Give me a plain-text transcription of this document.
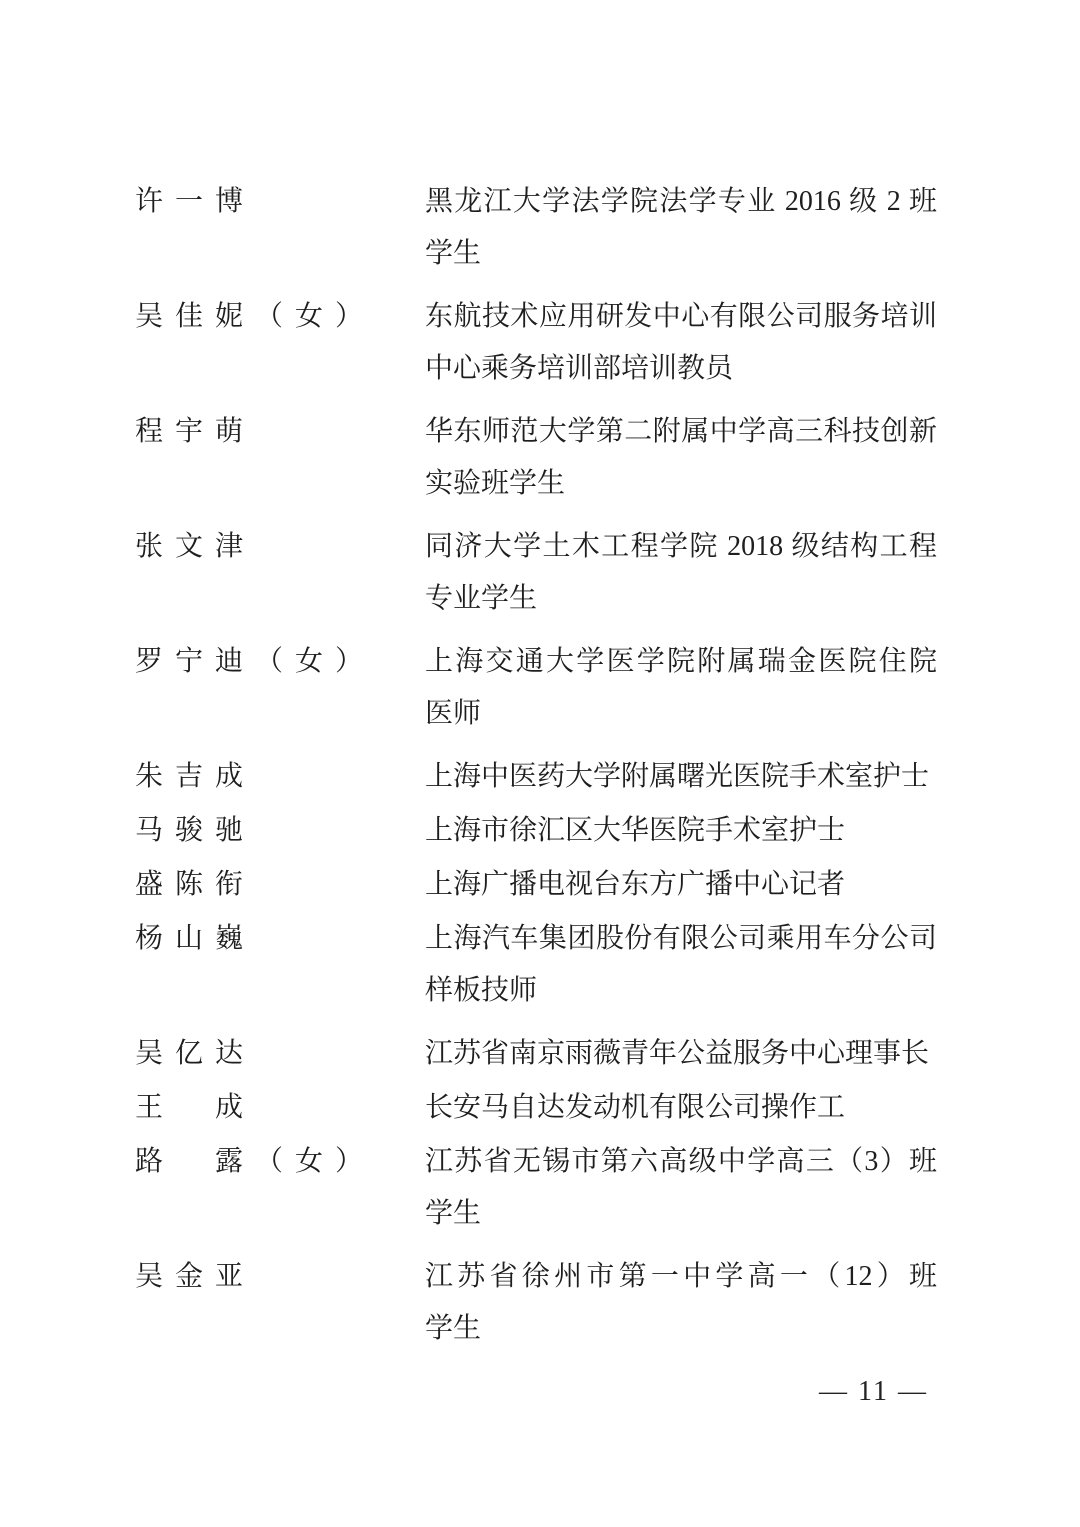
许一博	黑龙江大学法学院法学专业 2016 级 2 班
学生
吴佳妮（女）	东航技术应用研发中心有限公司服务培训
中心乘务培训部培训教员
程宇萌	华东师范大学第二附属中学高三科技创新
实验班学生
张文津	同济大学土木工程学院 2018 级结构工程
专业学生
罗宁迪（女）	上海交通大学医学院附属瑞金医院住院
医师
朱吉成	上海中医药大学附属曙光医院手术室护士
马骏驰	上海市徐汇区大华医院手术室护士
盛陈衔	上海广播电视台东方广播中心记者
杨山巍	上海汽车集团股份有限公司乘用车分公司
样板技师
吴亿达	江苏省南京雨薇青年公益服务中心理事长
王　成	长安马自达发动机有限公司操作工
路　露（女）	江苏省无锡市第六高级中学高三（3）班
学生
吴金亚	江苏省徐州市第一中学高一（12）班
学生
— 11 —
